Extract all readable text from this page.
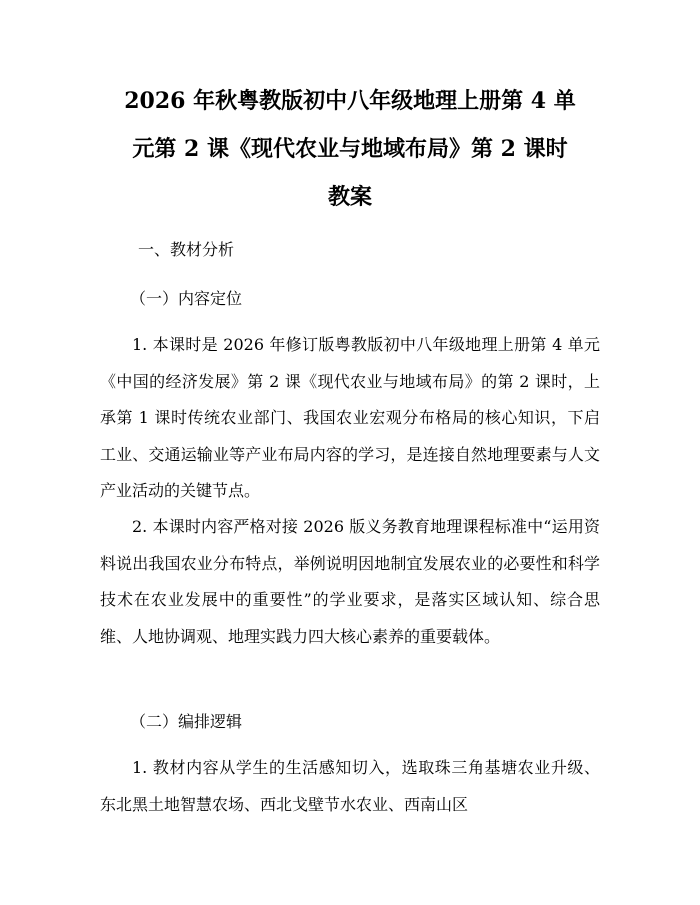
2026 年秋粤教版初中八年级地理上册第 4 单
元第 2 课《现代农业与地域布局》第 2 课时
教案
一、教材分析
（一）内容定位
1. 本课时是 2026 年修订版粤教版初中八年级地理上册第 4 单元《中国的经济发展》第 2 课《现代农业与地域布局》的第 2 课时，上承第 1 课时传统农业部门、我国农业宏观分布格局的核心知识，下启工业、交通运输业等产业布局内容的学习，是连接自然地理要素与人文产业活动的关键节点。
2. 本课时内容严格对接 2026 版义务教育地理课程标准中“运用资料说出我国农业分布特点，举例说明因地制宜发展农业的必要性和科学技术在农业发展中的重要性”的学业要求，是落实区域认知、综合思维、人地协调观、地理实践力四大核心素养的重要载体。
（二）编排逻辑
1. 教材内容从学生的生活感知切入，选取珠三角基塘农业升级、东北黑土地智慧农场、西北戈壁节水农业、西南山区
